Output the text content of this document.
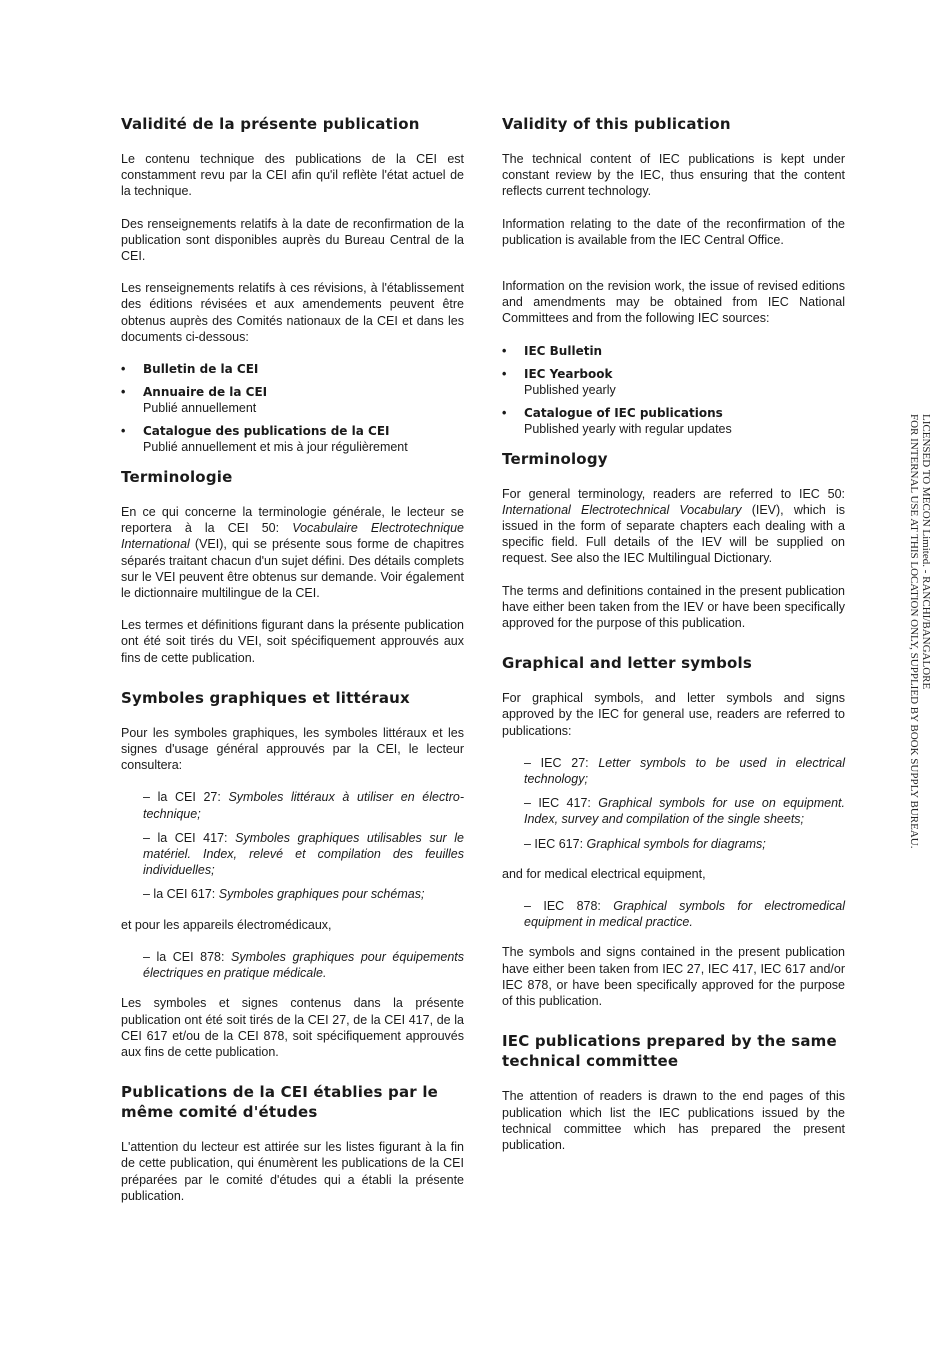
Validité de la présente publication

Le contenu technique des publications de la CEI est constamment revu par la CEI afin qu'il reflète l'état actuel de la technique.

Des renseignements relatifs à la date de reconfirmation de la publication sont disponibles auprès du Bureau Central de la CEI.

Les renseignements relatifs à ces révisions, à l'établissement des éditions révisées et aux amendements peuvent être obtenus auprès des Comités nationaux de la CEI et dans les documents ci-dessous:

• Bulletin de la CEI
• Annuaire de la CEI
Publié annuellement
• Catalogue des publications de la CEI
Publié annuellement et mis à jour régulièrement
Terminologie

En ce qui concerne la terminologie générale, le lecteur se reportera à la CEI 50: Vocabulaire Electrotechnique International (VEI), qui se présente sous forme de chapitres séparés traitant chacun d'un sujet défini. Des détails complets sur le VEI peuvent être obtenus sur demande. Voir également le dictionnaire multilingue de la CEI.

Les termes et définitions figurant dans la présente publication ont été soit tirés du VEI, soit spécifiquement approuvés aux fins de cette publication.

Symboles graphiques et littéraux

Pour les symboles graphiques, les symboles littéraux et les signes d'usage général approuvés par la CEI, le lecteur consultera:

– la CEI 27: Symboles littéraux à utiliser en électro-technique;
– la CEI 417: Symboles graphiques utilisables sur le matériel. Index, relevé et compilation des feuilles individuelles;
– la CEI 617: Symboles graphiques pour schémas;

et pour les appareils électromédicaux,

– la CEI 878: Symboles graphiques pour équipements électriques en pratique médicale.

Les symboles et signes contenus dans la présente publication ont été soit tirés de la CEI 27, de la CEI 417, de la CEI 617 et/ou de la CEI 878, soit spécifiquement approuvés aux fins de cette publication.

Publications de la CEI établies par le même comité d'études

L'attention du lecteur est attirée sur les listes figurant à la fin de cette publication, qui énumèrent les publications de la CEI préparées par le comité d'études qui a établi la présente publication.

Validity of this publication

The technical content of IEC publications is kept under constant review by the IEC, thus ensuring that the content reflects current technology.

Information relating to the date of the reconfirmation of the publication is available from the IEC Central Office.

Information on the revision work, the issue of revised editions and amendments may be obtained from IEC National Committees and from the following IEC sources:

• IEC Bulletin
• IEC Yearbook
Published yearly
• Catalogue of IEC publications
Published yearly with regular updates
Terminology

For general terminology, readers are referred to IEC 50: International Electrotechnical Vocabulary (IEV), which is issued in the form of separate chapters each dealing with a specific field. Full details of the IEV will be supplied on request. See also the IEC Multilingual Dictionary.

The terms and definitions contained in the present publication have either been taken from the IEV or have been specifically approved for the purpose of this publication.

Graphical and letter symbols

For graphical symbols, and letter symbols and signs approved by the IEC for general use, readers are referred to publications:

– IEC 27: Letter symbols to be used in electrical technology;
– IEC 417: Graphical symbols for use on equipment. Index, survey and compilation of the single sheets;
– IEC 617: Graphical symbols for diagrams;

and for medical electrical equipment,

– IEC 878: Graphical symbols for electromedical equipment in medical practice.

The symbols and signs contained in the present publication have either been taken from IEC 27, IEC 417, IEC 617 and/or IEC 878, or have been specifically approved for the purpose of this publication.

IEC publications prepared by the same technical committee

The attention of readers is drawn to the end pages of this publication which list the IEC publications issued by the technical committee which has prepared the present publication.

LICENSED TO MECON Limited. - RANCHI/BANGALORE
FOR INTERNAL USE AT THIS LOCATION ONLY, SUPPLIED BY BOOK SUPPLY BUREAU.
